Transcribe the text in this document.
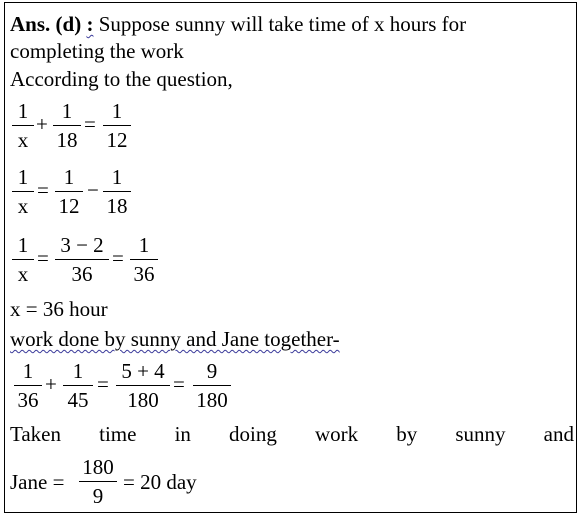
Ans. (d) : Suppose sunny will take time of x hours for
completing the work
According to the question,
1
x
+
1
18
=
1
12
1
x
=
1
12
−
1
18
1
x
=
3 − 2
36
=
1
36
x = 36 hour
work done by sunny and Jane together-
1
36
+
1
45
=
5 + 4
180
=
9
180
Taken time in doing work by sunny and
Jane =
180
9
= 20 day
